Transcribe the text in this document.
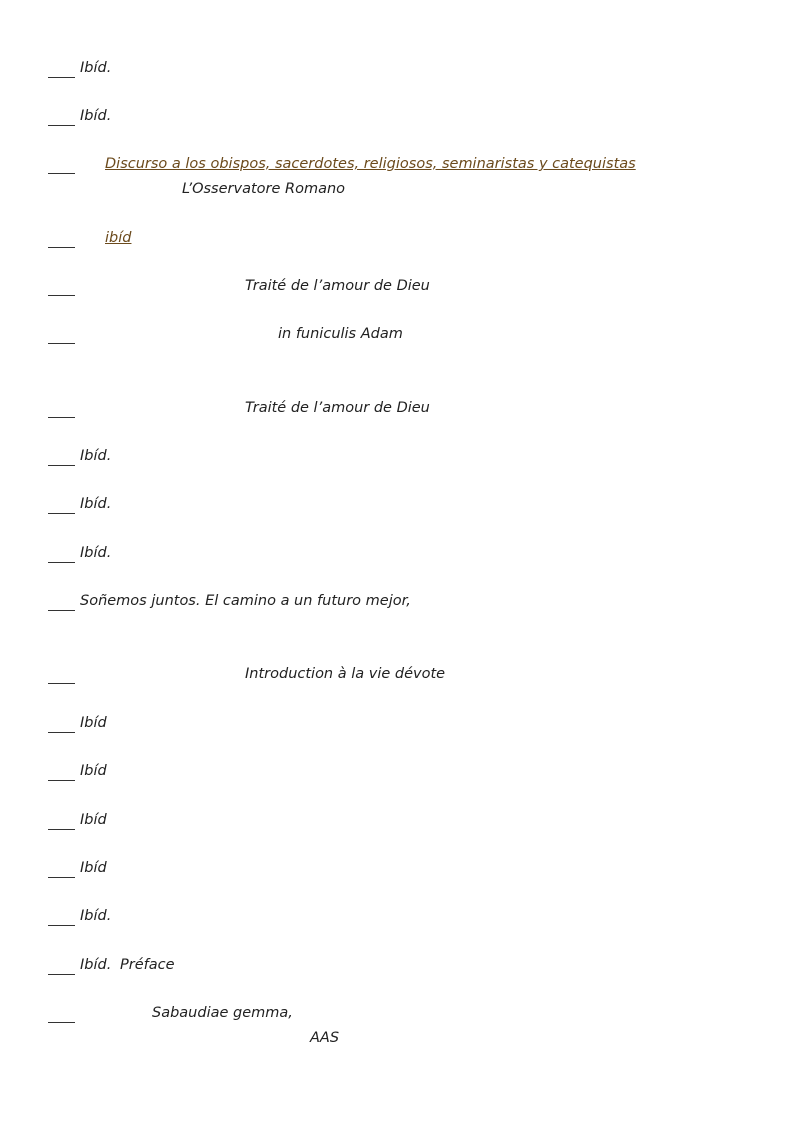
Ibíd.
Ibíd.
Discurso a los obispos, sacerdotes, religiosos, seminaristas y catequistas
L’Osservatore Romano
ibíd
Traité de l’amour de Dieu
in funiculis Adam
Traité de l’amour de Dieu
Ibíd.
Ibíd.
Ibíd.
Soñemos juntos. El camino a un futuro mejor,
Introduction à la vie dévote
Ibíd
Ibíd
Ibíd
Ibíd
Ibíd.
Ibíd. Préface
Sabaudiae gemma,
AAS
